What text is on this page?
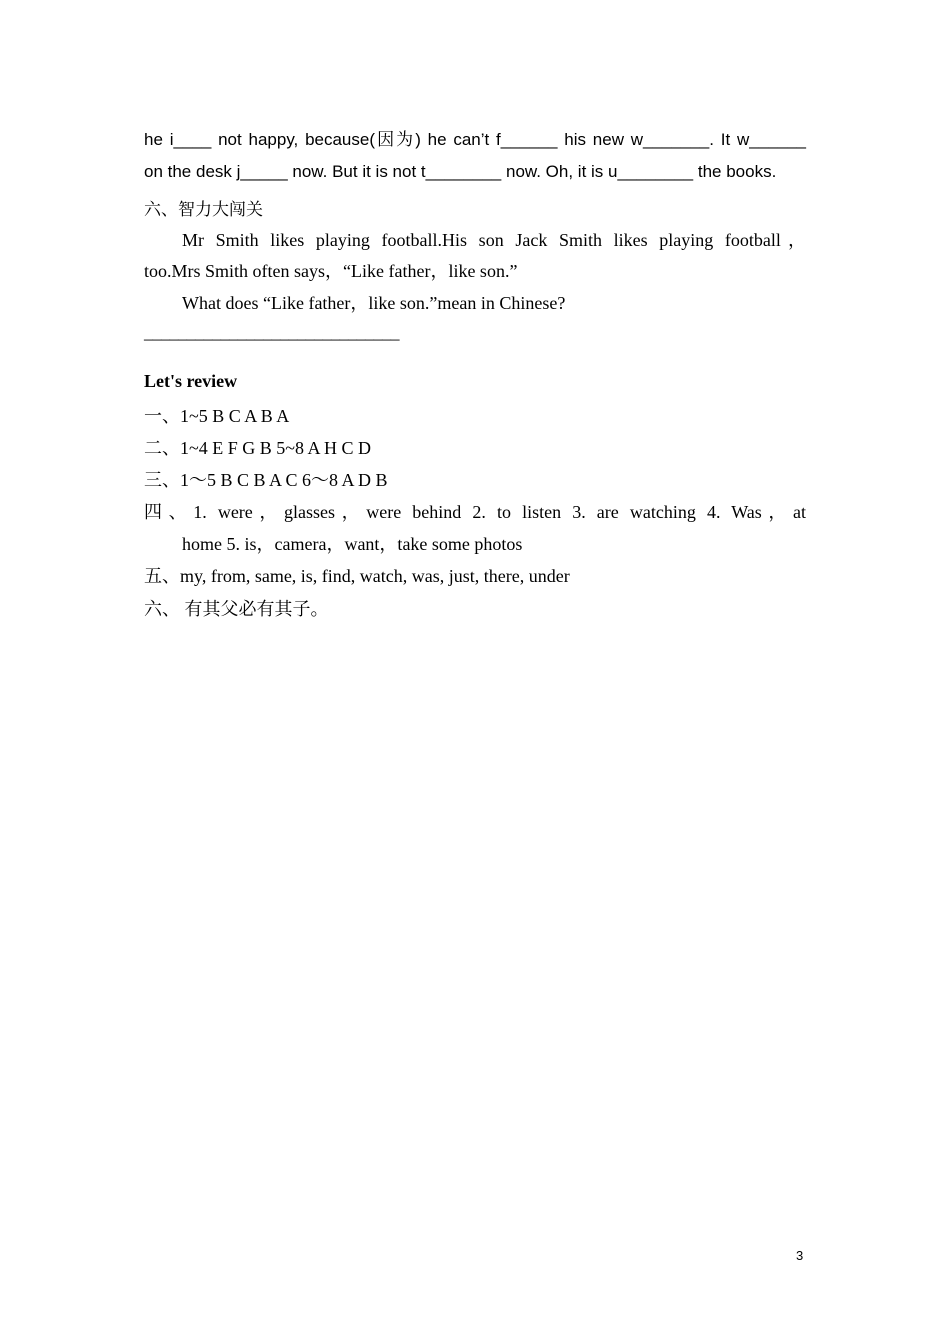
he i____ not happy, because(因为) he can’t f______ his new w_______. It w______
on the desk j_____ now. But it is not t________ now. Oh, it is u________ the books.
六、智力大闯关
Mr Smith likes playing football.His son Jack Smith likes playing football，
too.Mrs Smith often says，“Like father，like son.”
What does “Like father，like son.”mean in Chinese?
______________________________
Let's review
一、1~5 B C A B A
二、1~4 E F G B 5~8 A H C D
三、1～5 B C B A C 6～8 A D B
四、1. were，glasses，were behind 2. to listen 3. are watching 4. Was，at
home 5. is，camera，want，take some photos
五、my, from, same, is, find, watch, was, just, there, under
六、 有其父必有其子。
3
